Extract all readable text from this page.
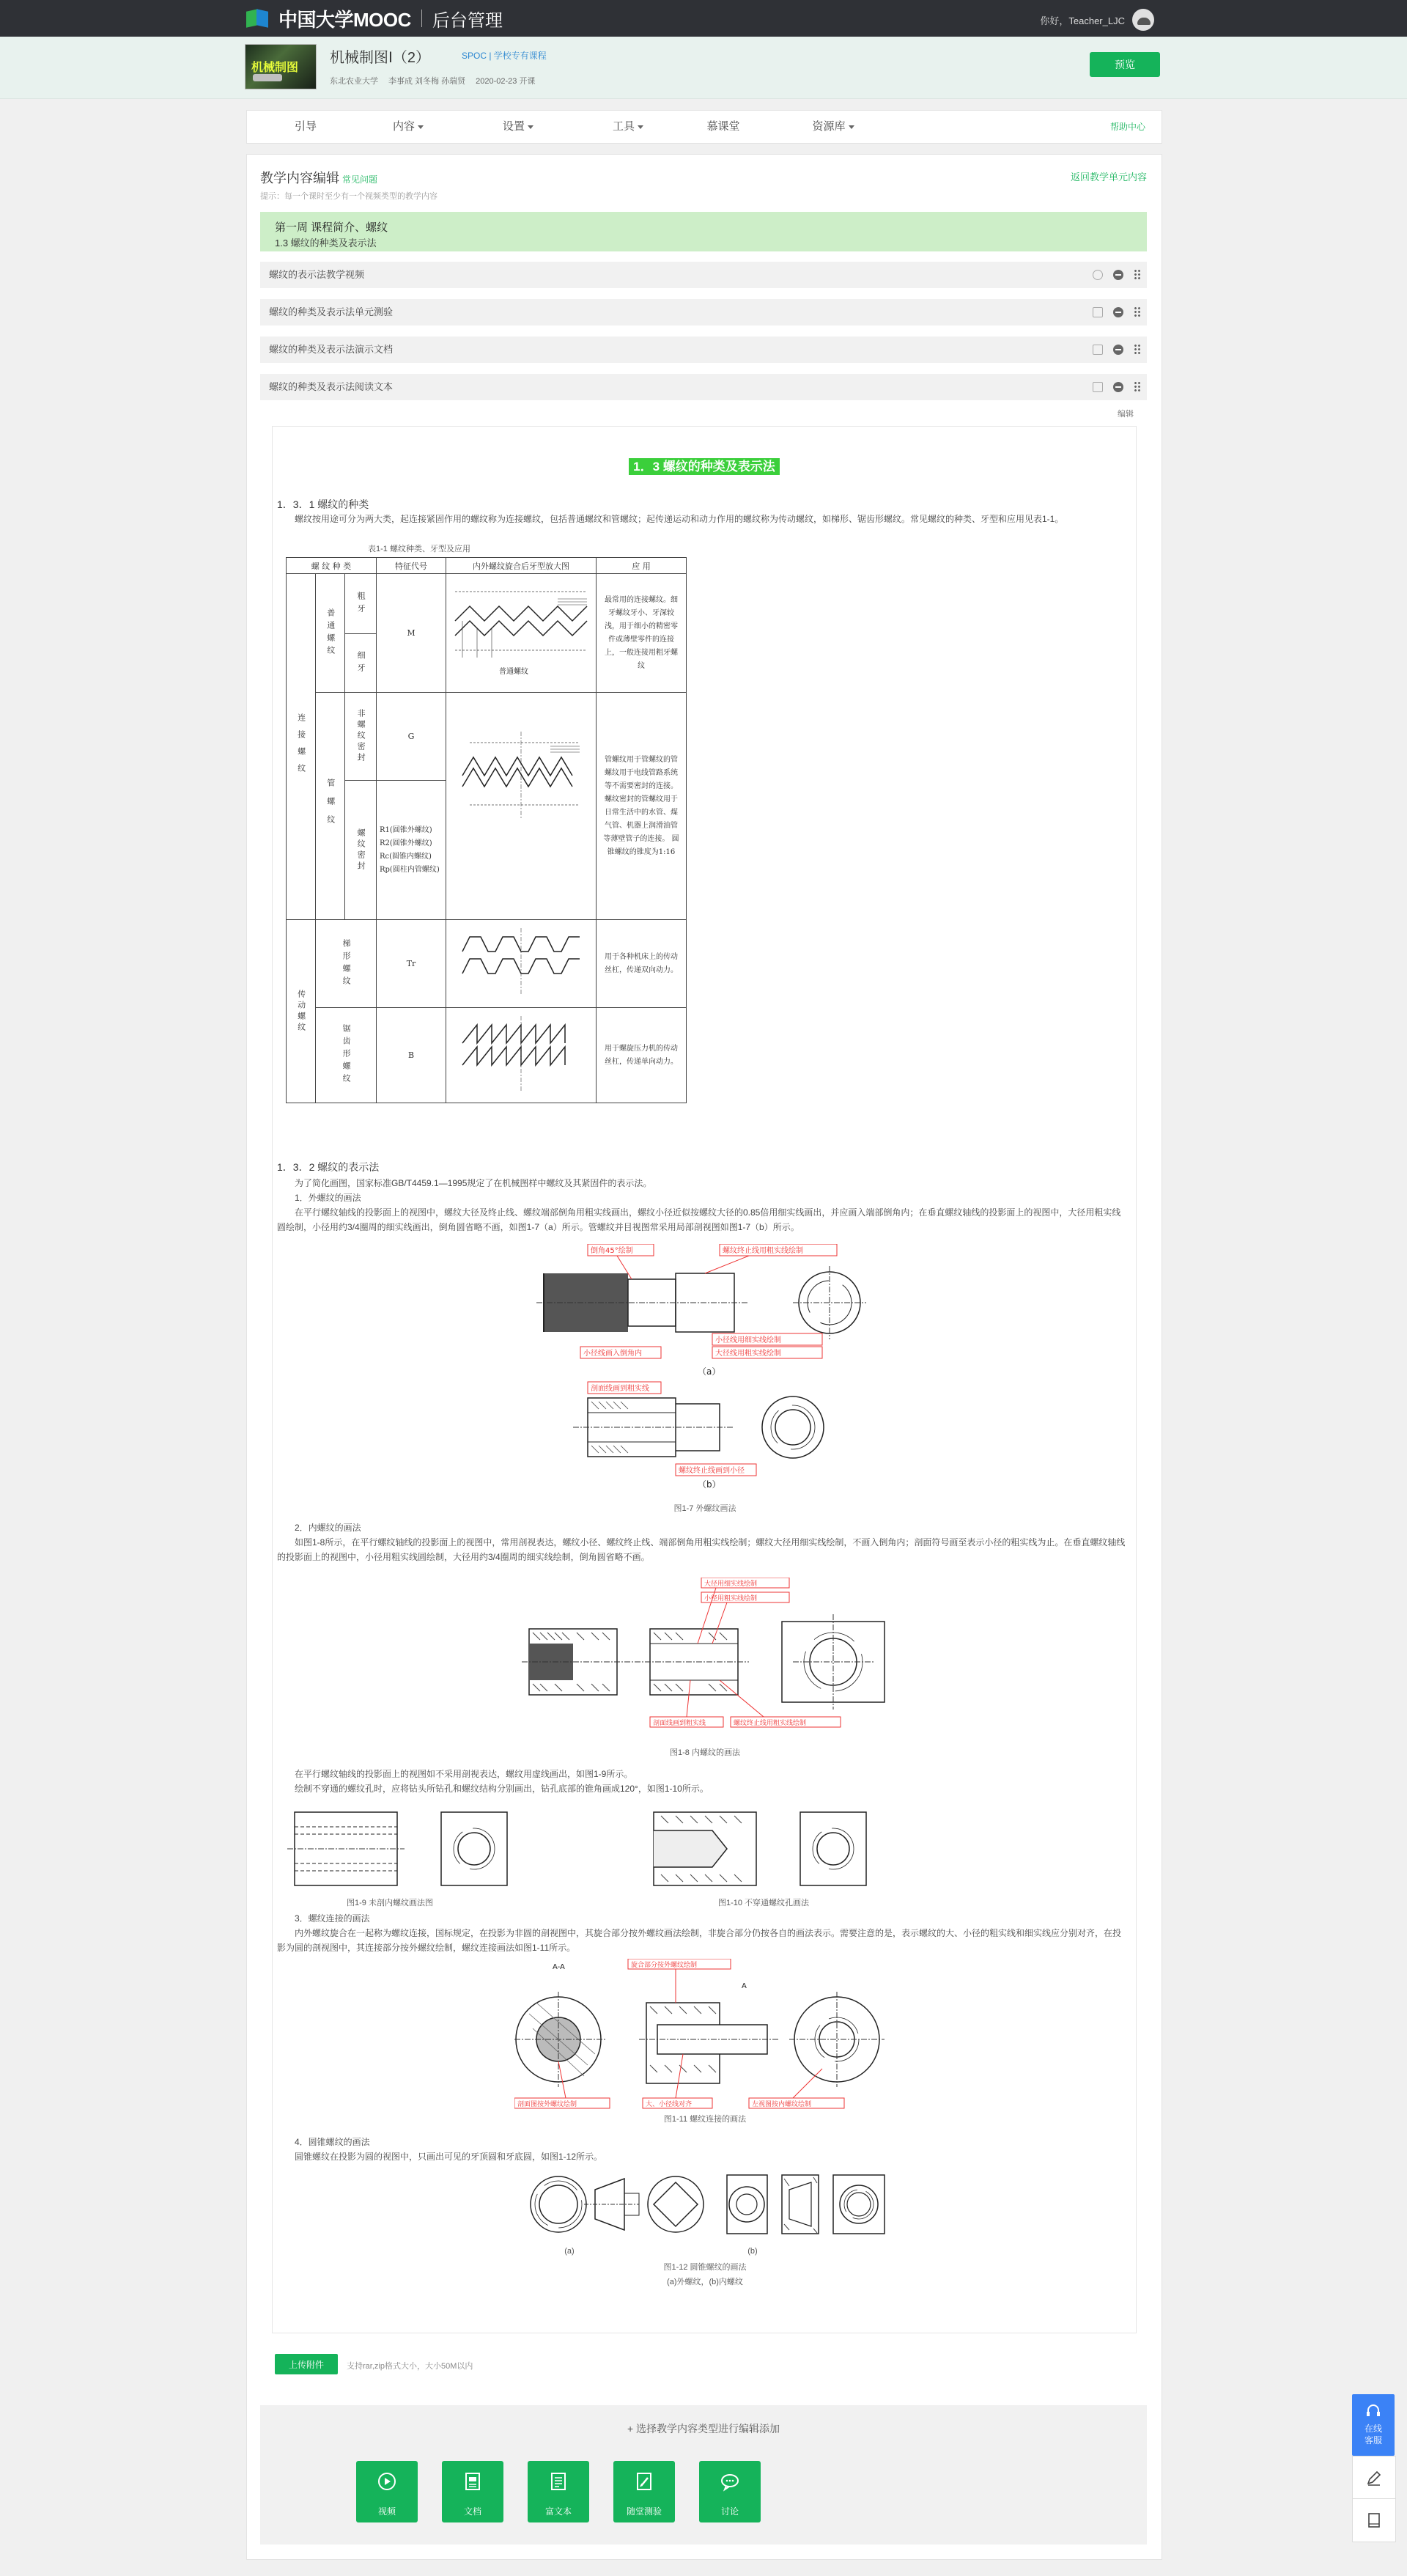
中国大学MOOC 后台管理	你好，Teacher_LJC
机械制图
机械制图Ⅰ（2）	SPOC | 学校专有课程
东北农业大学 李事成 刘冬梅 孙瑞贤 2020-02-23 开课
预览
引导	内容	设置	工具	慕课堂	资源库	帮助中心
教学内容编辑 常见问题
提示：每一个课时至少有一个视频类型的教学内容
返回教学单元内容
第一周 课程简介、螺纹
1.3 螺纹的种类及表示法
螺纹的表示法教学视频
螺纹的种类及表示法单元测验
螺纹的种类及表示法演示文档
螺纹的种类及表示法阅读文本
编辑
1．3 螺纹的种类及表示法
1．3．1 螺纹的种类
螺纹按用途可分为两大类，起连接紧固作用的螺纹称为连接螺纹，包括普通螺纹和管螺纹；起传递运动和动力作用的螺纹称为传动螺纹，如梯形、锯齿形螺纹。常见螺纹的种类、牙型和应用见表1-1。
表1-1 螺纹种类、牙型及应用
螺 纹 种 类			特征代号	内外螺纹旋合后牙型放大图	应 用

连接螺纹	普通螺纹	粗牙	M	普通螺纹	最常用的连接螺纹。细牙螺纹牙小、牙深较浅，用于细小的精密零件或薄壁零件的连接上，一般连接用粗牙螺纹

		细牙			

	管螺纹	非螺纹密封	G		管螺纹用于管螺纹的管螺纹用于电线管路系统等不需要密封的连接。螺纹密封的管螺纹用于日常生活中的水管、煤气管、机器上润滑油管等薄壁管子的连接。 圆锥螺纹的锥度为1:16

		螺纹密封	R1(圆锥外螺纹)
R2(圆锥外螺纹)
Rc(圆锥内螺纹)
Rp(圆柱内管螺纹)		

传动螺纹	梯形螺纹		Tr		用于各种机床上的传动丝杠，传递双向动力。

	锯齿形螺纹		B		用于螺旋压力机的传动丝杠，传递单向动力。
1．3．2 螺纹的表示法
为了简化画图，国家标准GB/T4459.1—1995规定了在机械图样中螺纹及其紧固件的表示法。
1．外螺纹的画法
在平行螺纹轴线的投影面上的视图中，螺纹大径及终止线、螺纹端部倒角用粗实线画出，螺纹小径近似按螺纹大径的0.85倍用细实线画出，并应画入端部倒角内；在垂直螺纹轴线的投影面上的视图中，大径用粗实线圆绘制，小径用约3/4圈周的细实线画出，倒角圆省略不画，如图1-7（a）所示。管螺纹并目视图常采用局部剖视图如图1-7（b）所示。
倒角45°绘制	螺纹终止线用粗实线绘制
小径线画入倒角内
小径线用细实线绘制
大径线用粗实线绘制
（a）
剖面线画到粗实线
螺纹终止线画到小径
（b）
图1-7 外螺纹画法
2．内螺纹的画法
如图1-8所示，在平行螺纹轴线的投影面上的视图中，常用剖视表达，螺纹小径、螺纹终止线、端部倒角用粗实线绘制；螺纹大径用细实线绘制，不画入倒角内；剖面符号画至表示小径的粗实线为止。在垂直螺纹轴线的投影面上的视图中，小径用粗实线圆绘制，大径用约3/4圈周的细实线绘制，倒角圆省略不画。
大径用细实线绘制
小径用粗实线绘制
剖面线画到粗实线	螺纹终止线用粗实线绘制
图1-8 内螺纹的画法
在平行螺纹轴线的投影面上的视图如不采用剖视表达，螺纹用虚线画出，如图1-9所示。
绘制不穿通的螺纹孔时，应将钻头所钻孔和螺纹结构分别画出，钻孔底部的锥角画成120°，如图1-10所示。
图1-9 未剖内螺纹画法图	图1-10 不穿通螺纹孔画法
3．螺纹连接的画法
内外螺纹旋合在一起称为螺纹连接，国标规定，在投影为非圆的剖视图中，其旋合部分按外螺纹画法绘制，非旋合部分仍按各自的画法表示。需要注意的是，表示螺纹的大、小径的粗实线和细实线应分别对齐，在投影为圆的剖视图中，其连接部分按外螺纹绘制，螺纹连接画法如图1-11所示。
A-A
A
旋合部分按外螺纹绘制
剖面图按外螺纹绘制	大、小径线对齐	左视图按内螺纹绘制
图1-11 螺纹连接的画法
4．圆锥螺纹的画法
圆锥螺纹在投影为圆的视图中，只画出可见的牙顶圆和牙底圆，如图1-12所示。
(a)	(b)
图1-12 圆锥螺纹的画法
(a)外螺纹，(b)内螺纹
上传附件	支持rar,zip格式大小，大小50M以内
+ 选择教学内容类型进行编辑添加
视频	文档	富文本	随堂测验	讨论
在线客服
